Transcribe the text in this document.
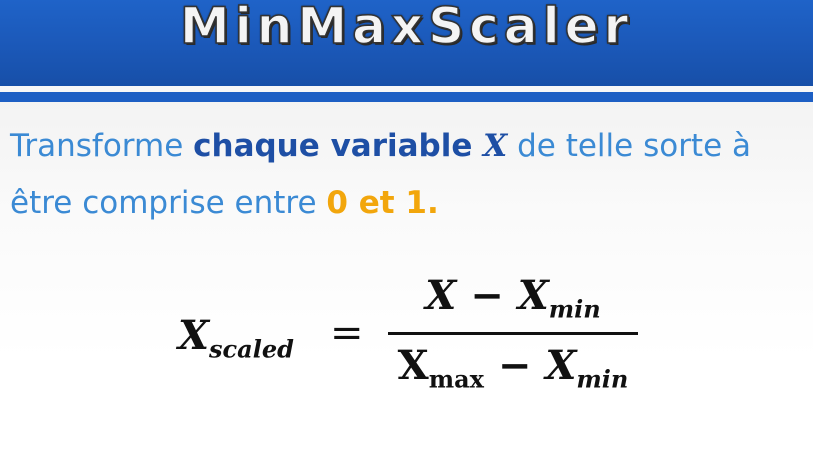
MinMaxScaler
Transforme chaque variable X de telle sorte à être comprise entre 0 et 1.
$X_{scaled}$ =
$X - X_{min}$
$X_{max} - X_{min}$
